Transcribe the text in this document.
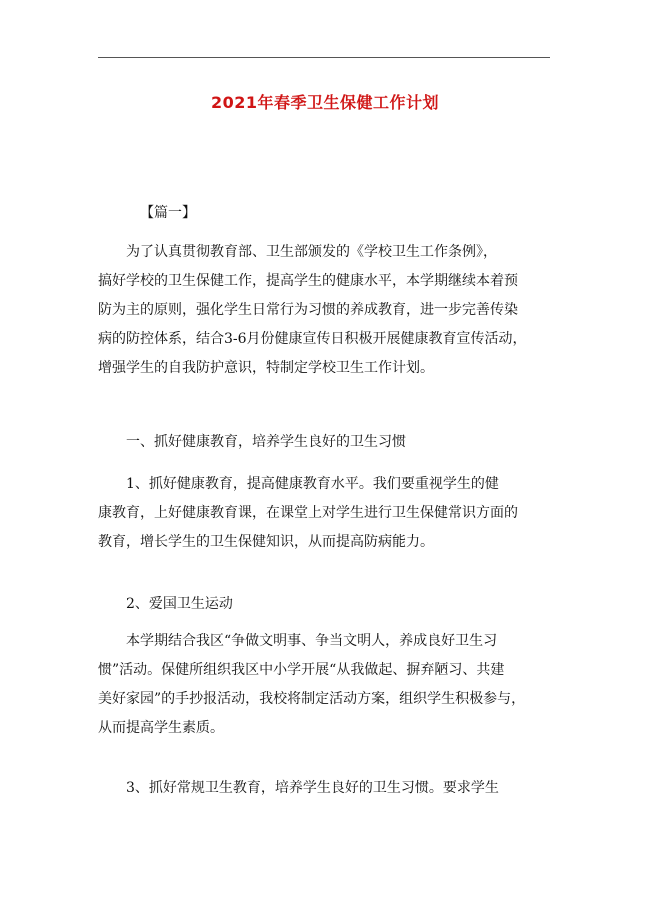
2021年春季卫生保健工作计划
【篇一】
为了认真贯彻教育部、卫生部颁发的《学校卫生工作条例》，
搞好学校的卫生保健工作，提高学生的健康水平，本学期继续本着预
防为主的原则，强化学生日常行为习惯的养成教育，进一步完善传染
病的防控体系，结合3-6月份健康宣传日积极开展健康教育宣传活动，
增强学生的自我防护意识，特制定学校卫生工作计划。
一、抓好健康教育，培养学生良好的卫生习惯
1、抓好健康教育，提高健康教育水平。我们要重视学生的健
康教育，上好健康教育课，在课堂上对学生进行卫生保健常识方面的
教育，增长学生的卫生保健知识，从而提高防病能力。
2、爱国卫生运动
本学期结合我区“争做文明事、争当文明人，养成良好卫生习
惯”活动。保健所组织我区中小学开展“从我做起、摒弃陋习、共建
美好家园”的手抄报活动，我校将制定活动方案，组织学生积极参与，
从而提高学生素质。
3、抓好常规卫生教育，培养学生良好的卫生习惯。要求学生
